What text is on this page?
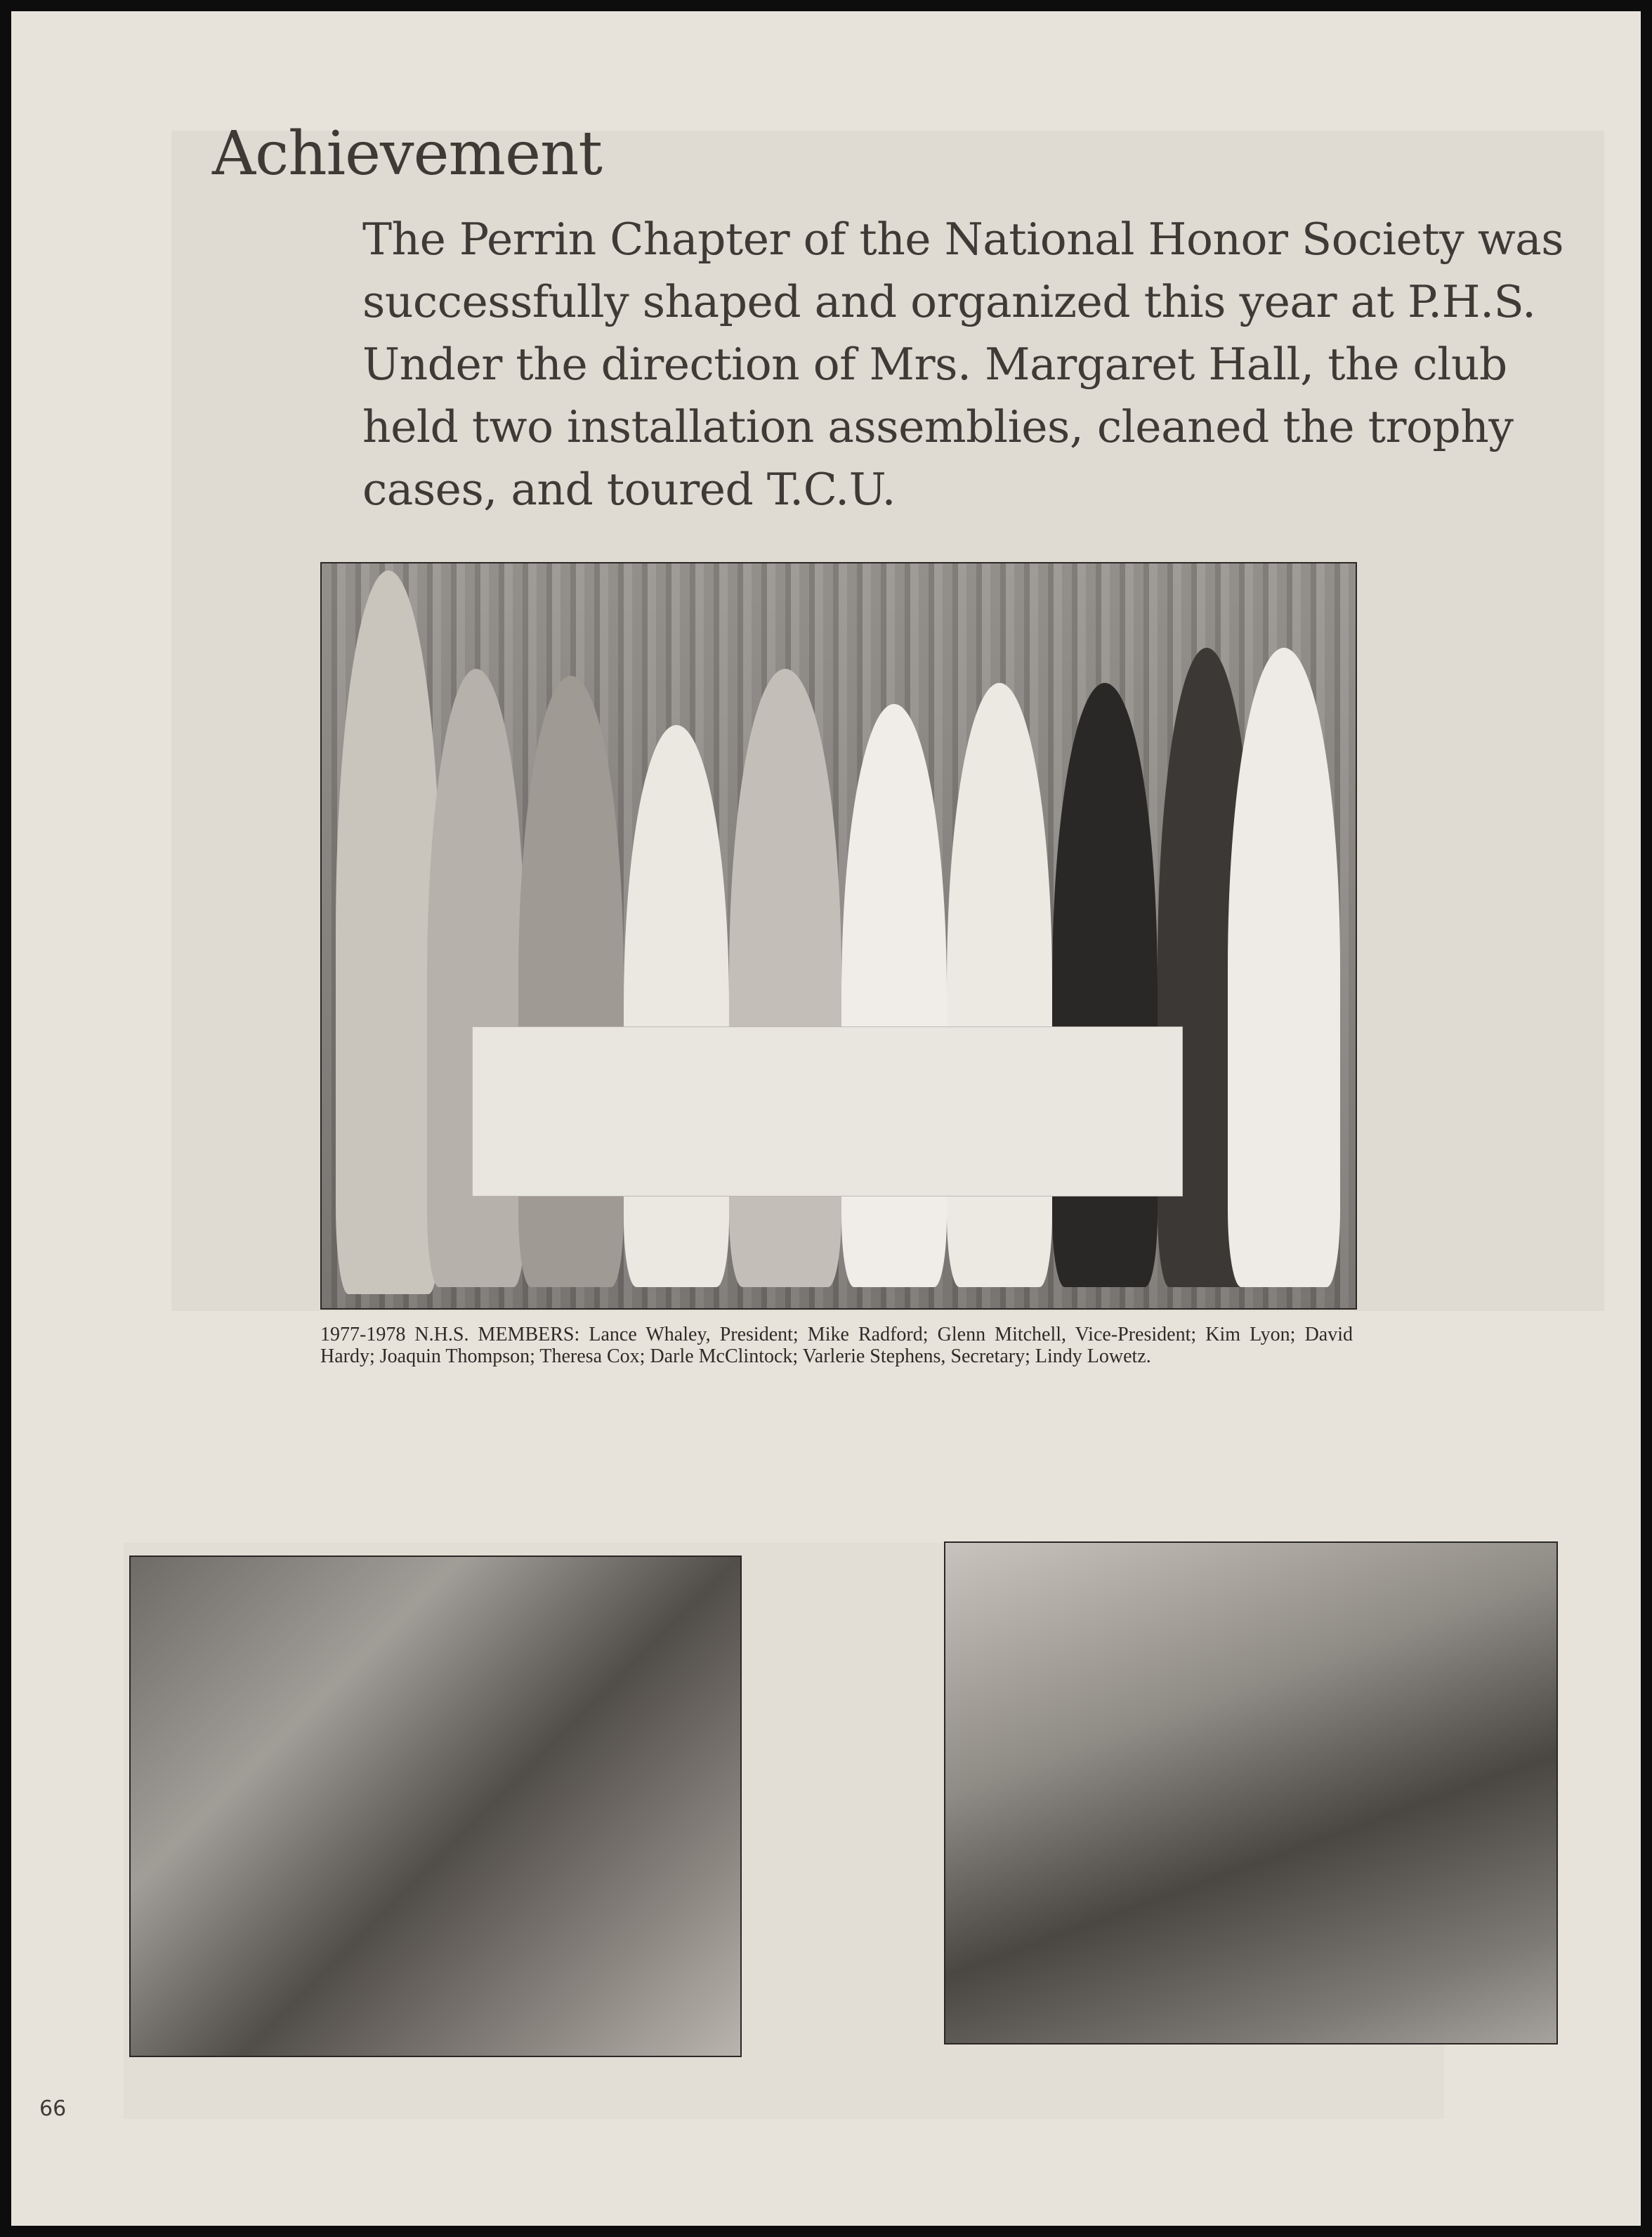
Achievement

The Perrin Chapter of the National Honor Society was successfully shaped and organized this year at P.H.S. Under the direction of Mrs. Margaret Hall, the club held two installation assemblies, cleaned the trophy cases, and toured T.C.U.

1977-1978 N.H.S. MEMBERS: Lance Whaley, President; Mike Radford; Glenn Mitchell, Vice-President; Kim Lyon; David Hardy; Joaquin Thompson; Theresa Cox; Darle McClintock; Varlerie Stephens, Secretary; Lindy Lowetz.

66
